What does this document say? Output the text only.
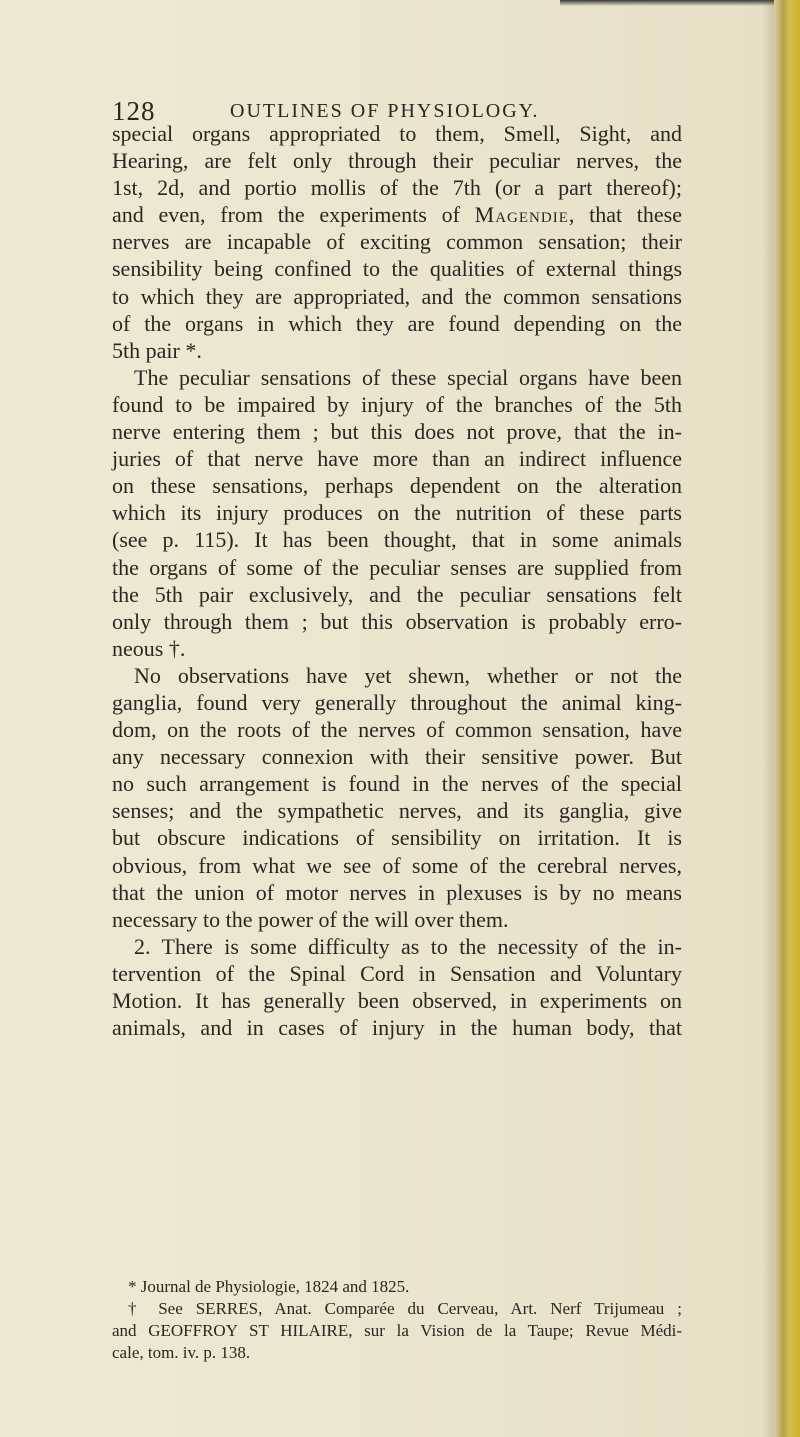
128	OUTLINES OF PHYSIOLOGY.
special organs appropriated to them, Smell, Sight, and
Hearing, are felt only through their peculiar nerves, the
1st, 2d, and portio mollis of the 7th (or a part thereof);
and even, from the experiments of Magendie, that these
nerves are incapable of exciting common sensation; their
sensibility being confined to the qualities of external things
to which they are appropriated, and the common sensations
of the organs in which they are found depending on the
5th pair *.
The peculiar sensations of these special organs have been
found to be impaired by injury of the branches of the 5th
nerve entering them ; but this does not prove, that the in-
juries of that nerve have more than an indirect influence
on these sensations, perhaps dependent on the alteration
which its injury produces on the nutrition of these parts
(see p. 115). It has been thought, that in some animals
the organs of some of the peculiar senses are supplied from
the 5th pair exclusively, and the peculiar sensations felt
only through them ; but this observation is probably erro-
neous †.
No observations have yet shewn, whether or not the
ganglia, found very generally throughout the animal king-
dom, on the roots of the nerves of common sensation, have
any necessary connexion with their sensitive power. But
no such arrangement is found in the nerves of the special
senses; and the sympathetic nerves, and its ganglia, give
but obscure indications of sensibility on irritation. It is
obvious, from what we see of some of the cerebral nerves,
that the union of motor nerves in plexuses is by no means
necessary to the power of the will over them.
2. There is some difficulty as to the necessity of the in-
tervention of the Spinal Cord in Sensation and Voluntary
Motion. It has generally been observed, in experiments on
animals, and in cases of injury in the human body, that
* Journal de Physiologie, 1824 and 1825.
† See SERRES, Anat. Comparée du Cerveau, Art. Nerf Trijumeau ;
and GEOFFROY ST HILAIRE, sur la Vision de la Taupe; Revue Médi-
cale, tom. iv. p. 138.
